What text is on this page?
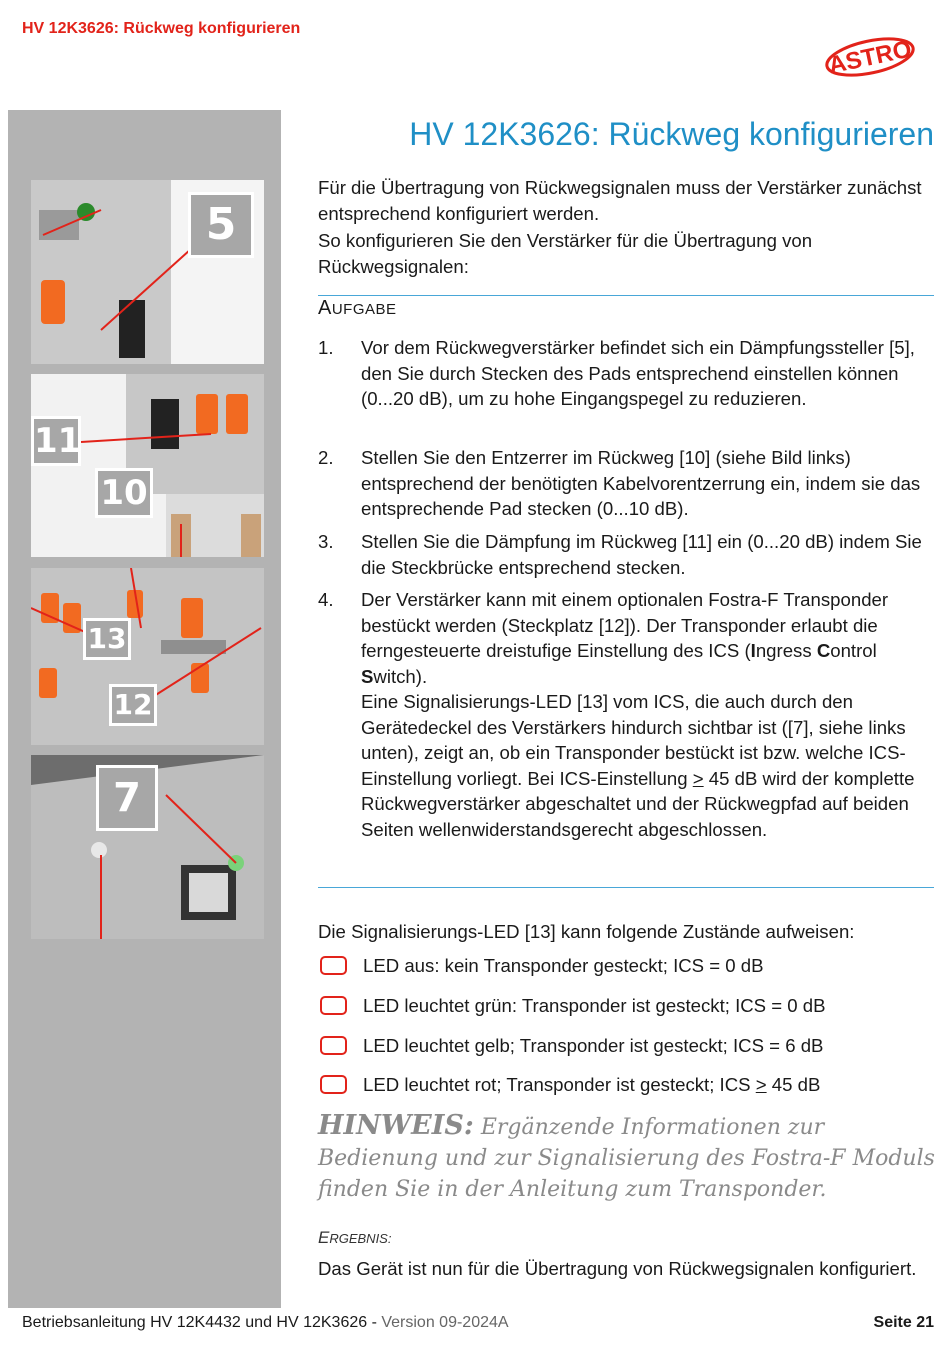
HV 12K3626: Rückweg konfigurieren
ASTRO
5
11
10
13
12
7
HV 12K3626: Rückweg konfigurieren

Für die Übertragung von Rückwegsignalen muss der Verstärker zunächst entsprechend konfiguriert werden.

So konfigurieren Sie den Verstärker für die Übertragung von Rückwegsignalen:

AUFGABE
1. Vor dem Rückwegverstärker befindet sich ein Dämpfungssteller [5], den Sie durch Stecken des Pads entsprechend einstellen können (0...20 dB), um zu hohe Eingangspegel zu reduzieren.
2. Stellen Sie den Entzerrer im Rückweg [10] (siehe Bild links) entsprechend der benötigten Kabelvorentzerrung ein, indem sie das entsprechende Pad stecken (0...10 dB).
3. Stellen Sie die Dämpfung im Rückweg [11] ein (0...20 dB) indem Sie die Steckbrücke entsprechend stecken.
4. Der Verstärker kann mit einem optionalen Fostra-F Transponder bestückt werden (Steckplatz [12]). Der Transponder erlaubt die ferngesteuerte dreistufige Einstellung des ICS (Ingress Control Switch).
Eine Signalisierungs-LED [13] vom ICS, die auch durch den Gerätedeckel des Verstärkers hindurch sichtbar ist ([7], siehe links unten), zeigt an, ob ein Transponder bestückt ist bzw. welche ICS-Einstellung vorliegt. Bei ICS-Einstellung > 45 dB wird der komplette Rückwegverstärker abgeschaltet und der Rückwegpfad auf beiden Seiten wellenwiderstandsgerecht abgeschlossen.

Die Signalisierungs-LED [13] kann folgende Zustände aufweisen:

LED aus: kein Transponder gesteckt; ICS = 0 dB
LED leuchtet grün: Transponder ist gesteckt; ICS = 0 dB
LED leuchtet gelb; Transponder ist gesteckt; ICS = 6 dB
LED leuchtet rot; Transponder ist gesteckt; ICS > 45 dB
HINWEIS: Ergänzende Informationen zur Bedienung und zur Signalisierung des Fostra-F Moduls finden Sie in der Anleitung zum Transponder.
ERGEBNIS:

Das Gerät ist nun für die Übertragung von Rückwegsignalen konfiguriert.

Betriebsanleitung HV 12K4432 und HV 12K3626 - Version 09-2024A	Seite 21
